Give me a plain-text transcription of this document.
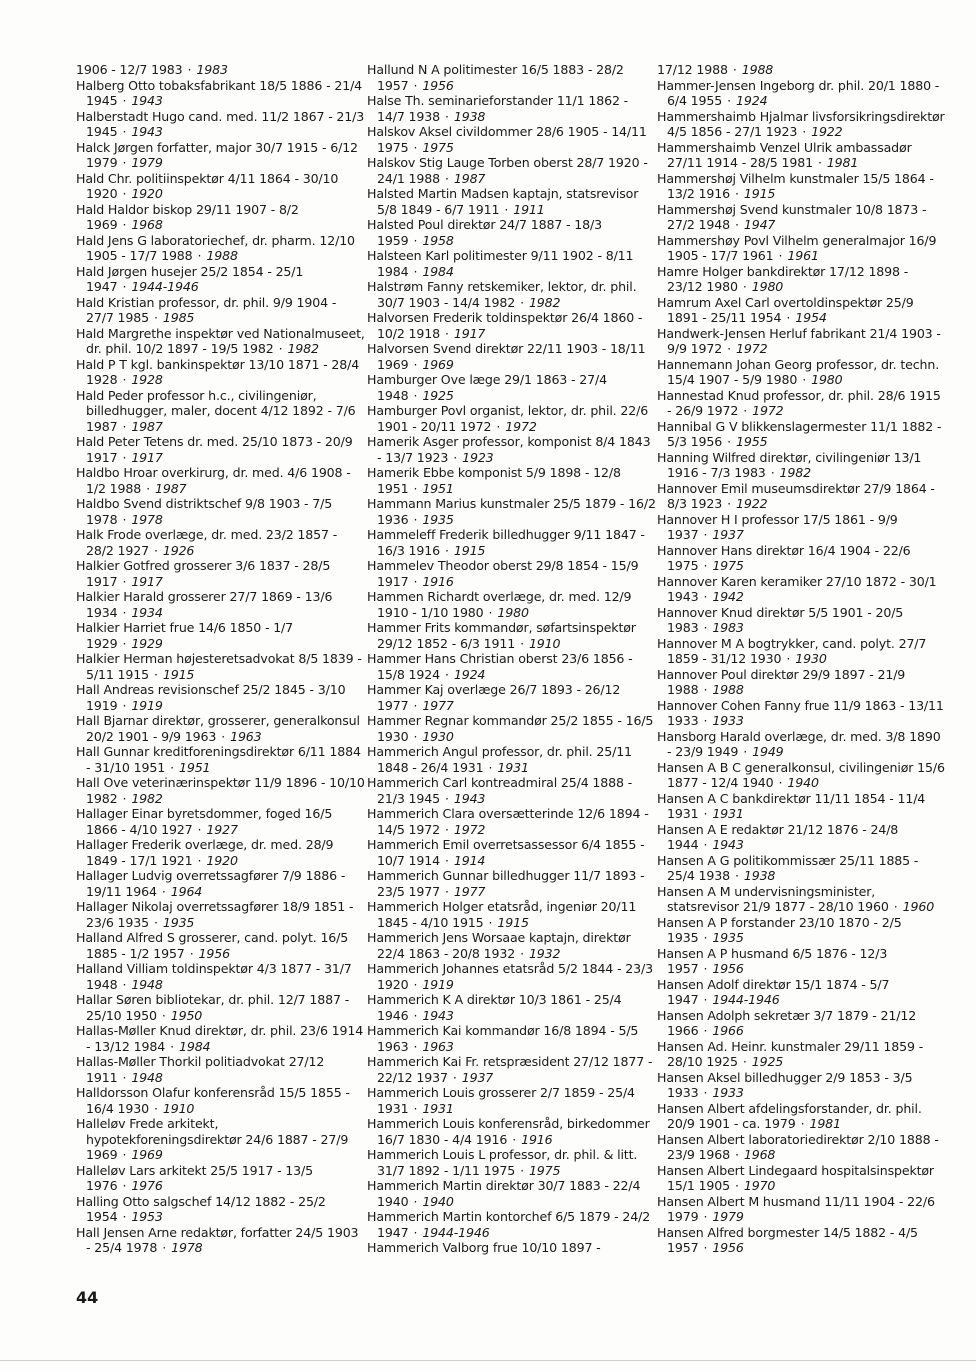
1906 - 12/7 1983 · 1983

Halberg Otto tobaksfabrikant 18/5 1886 - 21/4 1945 · 1943

Halberstadt Hugo cand. med. 11/2 1867 - 21/3 1945 · 1943

Halck Jørgen forfatter, major 30/7 1915 - 6/12 1979 · 1979

Hald Chr. politiinspektør 4/11 1864 - 30/10 1920 · 1920

Hald Haldor biskop 29/11 1907 - 8/2 1969 · 1968

Hald Jens G laboratoriechef, dr. pharm. 12/10 1905 - 17/7 1988 · 1988

Hald Jørgen husejer 25/2 1854 - 25/1 1947 · 1944-1946

Hald Kristian professor, dr. phil. 9/9 1904 - 27/7 1985 · 1985

Hald Margrethe inspektør ved Nationalmuseet, dr. phil. 10/2 1897 - 19/5 1982 · 1982

Hald P T kgl. bankinspektør 13/10 1871 - 28/4 1928 · 1928

Hald Peder professor h.c., civilingeniør, billedhugger, maler, docent 4/12 1892 - 7/6 1987 · 1987

Hald Peter Tetens dr. med. 25/10 1873 - 20/9 1917 · 1917

Haldbo Hroar overkirurg, dr. med. 4/6 1908 - 1/2 1988 · 1987

Haldbo Svend distriktschef 9/8 1903 - 7/5 1978 · 1978

Halk Frode overlæge, dr. med. 23/2 1857 - 28/2 1927 · 1926

Halkier Gotfred grosserer 3/6 1837 - 28/5 1917 · 1917

Halkier Harald grosserer 27/7 1869 - 13/6 1934 · 1934

Halkier Harriet frue 14/6 1850 - 1/7 1929 · 1929

Halkier Herman højesteretsadvokat 8/5 1839 - 5/11 1915 · 1915

Hall Andreas revisionschef 25/2 1845 - 3/10 1919 · 1919

Hall Bjarnar direktør, grosserer, generalkonsul 20/2 1901 - 9/9 1963 · 1963

Hall Gunnar kreditforeningsdirektør 6/11 1884 - 31/10 1951 · 1951

Hall Ove veterinærinspektør 11/9 1896 - 10/10 1982 · 1982

Hallager Einar byretsdommer, foged 16/5 1866 - 4/10 1927 · 1927

Hallager Frederik overlæge, dr. med. 28/9 1849 - 17/1 1921 · 1920

Hallager Ludvig overretssagfører 7/9 1886 - 19/11 1964 · 1964

Hallager Nikolaj overretssagfører 18/9 1851 - 23/6 1935 · 1935

Halland Alfred S grosserer, cand. polyt. 16/5 1885 - 1/2 1957 · 1956

Halland Villiam toldinspektør 4/3 1877 - 31/7 1948 · 1948

Hallar Søren bibliotekar, dr. phil. 12/7 1887 - 25/10 1950 · 1950

Hallas-Møller Knud direktør, dr. phil. 23/6 1914 - 13/12 1984 · 1984

Hallas-Møller Thorkil politiadvokat 27/12 1911 · 1948

Halldorsson Olafur konferensråd 15/5 1855 - 16/4 1930 · 1910

Halleløv Frede arkitekt, hypotekforeningsdirektør 24/6 1887 - 27/9 1969 · 1969

Halleløv Lars arkitekt 25/5 1917 - 13/5 1976 · 1976

Halling Otto salgschef 14/12 1882 - 25/2 1954 · 1953

Hall Jensen Arne redaktør, forfatter 24/5 1903 - 25/4 1978 · 1978

Hallund N A politimester 16/5 1883 - 28/2 1957 · 1956

Halse Th. seminarieforstander 11/1 1862 - 14/7 1938 · 1938

Halskov Aksel civildommer 28/6 1905 - 14/11 1975 · 1975

Halskov Stig Lauge Torben oberst 28/7 1920 - 24/1 1988 · 1987

Halsted Martin Madsen kaptajn, statsrevisor 5/8 1849 - 6/7 1911 · 1911

Halsted Poul direktør 24/7 1887 - 18/3 1959 · 1958

Halsteen Karl politimester 9/11 1902 - 8/11 1984 · 1984

Halstrøm Fanny retskemiker, lektor, dr. phil. 30/7 1903 - 14/4 1982 · 1982

Halvorsen Frederik toldinspektør 26/4 1860 - 10/2 1918 · 1917

Halvorsen Svend direktør 22/11 1903 - 18/11 1969 · 1969

Hamburger Ove læge 29/1 1863 - 27/4 1948 · 1925

Hamburger Povl organist, lektor, dr. phil. 22/6 1901 - 20/11 1972 · 1972

Hamerik Asger professor, komponist 8/4 1843 - 13/7 1923 · 1923

Hamerik Ebbe komponist 5/9 1898 - 12/8 1951 · 1951

Hammann Marius kunstmaler 25/5 1879 - 16/2 1936 · 1935

Hammeleff Frederik billedhugger 9/11 1847 - 16/3 1916 · 1915

Hammelev Theodor oberst 29/8 1854 - 15/9 1917 · 1916

Hammen Richardt overlæge, dr. med. 12/9 1910 - 1/10 1980 · 1980

Hammer Frits kommandør, søfartsinspektør 29/12 1852 - 6/3 1911 · 1910

Hammer Hans Christian oberst 23/6 1856 - 15/8 1924 · 1924

Hammer Kaj overlæge 26/7 1893 - 26/12 1977 · 1977

Hammer Regnar kommandør 25/2 1855 - 16/5 1930 · 1930

Hammerich Angul professor, dr. phil. 25/11 1848 - 26/4 1931 · 1931

Hammerich Carl kontreadmiral 25/4 1888 - 21/3 1945 · 1943

Hammerich Clara oversætterinde 12/6 1894 - 14/5 1972 · 1972

Hammerich Emil overretsassessor 6/4 1855 - 10/7 1914 · 1914

Hammerich Gunnar billedhugger 11/7 1893 - 23/5 1977 · 1977

Hammerich Holger etatsråd, ingeniør 20/11 1845 - 4/10 1915 · 1915

Hammerich Jens Worsaae kaptajn, direktør 22/4 1863 - 20/8 1932 · 1932

Hammerich Johannes etatsråd 5/2 1844 - 23/3 1920 · 1919

Hammerich K A direktør 10/3 1861 - 25/4 1946 · 1943

Hammerich Kai kommandør 16/8 1894 - 5/5 1963 · 1963

Hammerich Kai Fr. retspræsident 27/12 1877 - 22/12 1937 · 1937

Hammerich Louis grosserer 2/7 1859 - 25/4 1931 · 1931

Hammerich Louis konferensråd, birkedommer 16/7 1830 - 4/4 1916 · 1916

Hammerich Louis L professor, dr. phil. & litt. 31/7 1892 - 1/11 1975 · 1975

Hammerich Martin direktør 30/7 1883 - 22/4 1940 · 1940

Hammerich Martin kontorchef 6/5 1879 - 24/2 1947 · 1944-1946

Hammerich Valborg frue 10/10 1897 -

17/12 1988 · 1988

Hammer-Jensen Ingeborg dr. phil. 20/1 1880 - 6/4 1955 · 1924

Hammershaimb Hjalmar livsforsikringsdirektør 4/5 1856 - 27/1 1923 · 1922

Hammershaimb Venzel Ulrik ambassadør 27/11 1914 - 28/5 1981 · 1981

Hammershøj Vilhelm kunstmaler 15/5 1864 - 13/2 1916 · 1915

Hammershøj Svend kunstmaler 10/8 1873 - 27/2 1948 · 1947

Hammershøy Povl Vilhelm generalmajor 16/9 1905 - 17/7 1961 · 1961

Hamre Holger bankdirektør 17/12 1898 - 23/12 1980 · 1980

Hamrum Axel Carl overtoldinspektør 25/9 1891 - 25/11 1954 · 1954

Handwerk-Jensen Herluf fabrikant 21/4 1903 - 9/9 1972 · 1972

Hannemann Johan Georg professor, dr. techn. 15/4 1907 - 5/9 1980 · 1980

Hannestad Knud professor, dr. phil. 28/6 1915 - 26/9 1972 · 1972

Hannibal G V blikkenslagermester 11/1 1882 - 5/3 1956 · 1955

Hanning Wilfred direktør, civilingeniør 13/1 1916 - 7/3 1983 · 1982

Hannover Emil museumsdirektør 27/9 1864 - 8/3 1923 · 1922

Hannover H I professor 17/5 1861 - 9/9 1937 · 1937

Hannover Hans direktør 16/4 1904 - 22/6 1975 · 1975

Hannover Karen keramiker 27/10 1872 - 30/1 1943 · 1942

Hannover Knud direktør 5/5 1901 - 20/5 1983 · 1983

Hannover M A bogtrykker, cand. polyt. 27/7 1859 - 31/12 1930 · 1930

Hannover Poul direktør 29/9 1897 - 21/9 1988 · 1988

Hannover Cohen Fanny frue 11/9 1863 - 13/11 1933 · 1933

Hansborg Harald overlæge, dr. med. 3/8 1890 - 23/9 1949 · 1949

Hansen A B C generalkonsul, civilingeniør 15/6 1877 - 12/4 1940 · 1940

Hansen A C bankdirektør 11/11 1854 - 11/4 1931 · 1931

Hansen A E redaktør 21/12 1876 - 24/8 1944 · 1943

Hansen A G politikommissær 25/11 1885 - 25/4 1938 · 1938

Hansen A M undervisningsminister, statsrevisor 21/9 1877 - 28/10 1960 · 1960

Hansen A P forstander 23/10 1870 - 2/5 1935 · 1935

Hansen A P husmand 6/5 1876 - 12/3 1957 · 1956

Hansen Adolf direktør 15/1 1874 - 5/7 1947 · 1944-1946

Hansen Adolph sekretær 3/7 1879 - 21/12 1966 · 1966

Hansen Ad. Heinr. kunstmaler 29/11 1859 - 28/10 1925 · 1925

Hansen Aksel billedhugger 2/9 1853 - 3/5 1933 · 1933

Hansen Albert afdelingsforstander, dr. phil. 20/9 1901 - ca. 1979 · 1981

Hansen Albert laboratoriedirektør 2/10 1888 - 23/9 1968 · 1968

Hansen Albert Lindegaard hospitalsinspektør 15/1 1905 · 1970

Hansen Albert M husmand 11/11 1904 - 22/6 1979 · 1979

Hansen Alfred borgmester 14/5 1882 - 4/5 1957 · 1956

44
